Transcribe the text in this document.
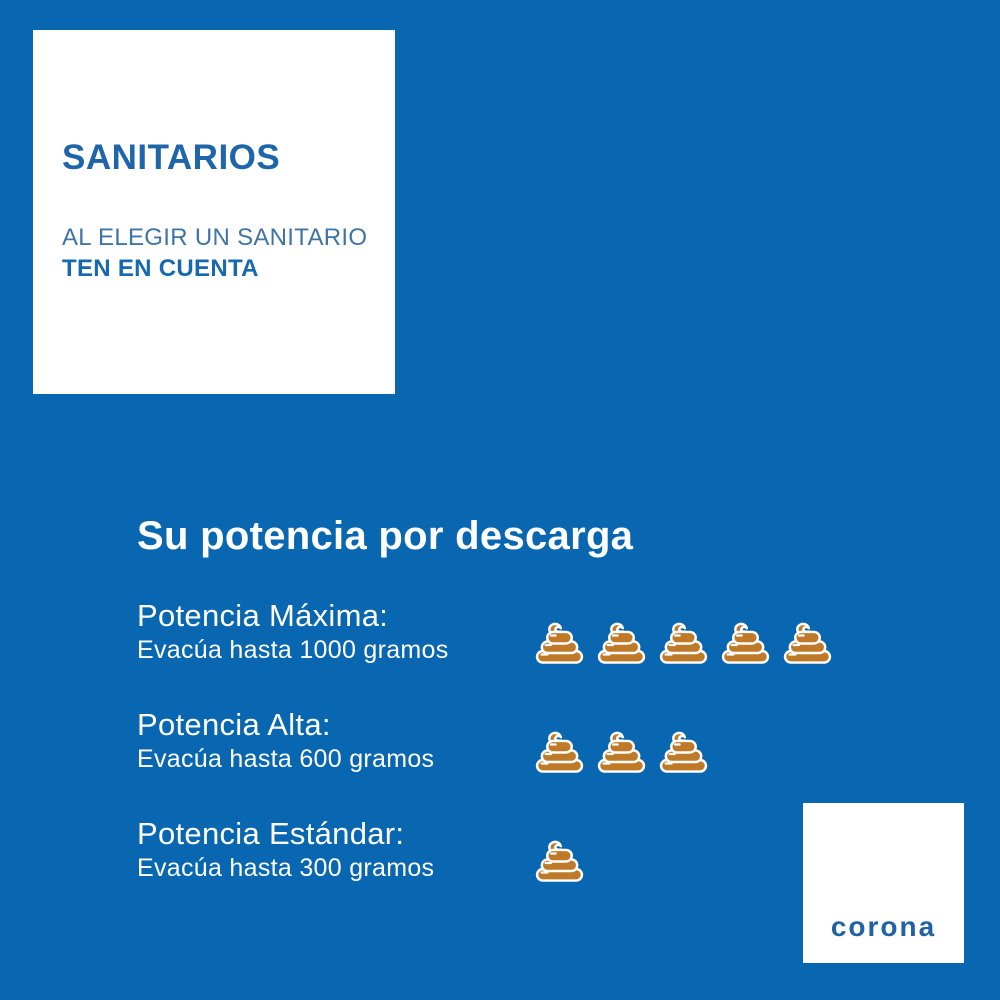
SANITARIOS
AL ELEGIR UN SANITARIO
TEN EN CUENTA
Su potencia por descarga
Potencia Máxima:
Evacúa hasta 1000 gramos
Potencia Alta:
Evacúa hasta 600 gramos
Potencia Estándar:
Evacúa hasta 300 gramos
corona
